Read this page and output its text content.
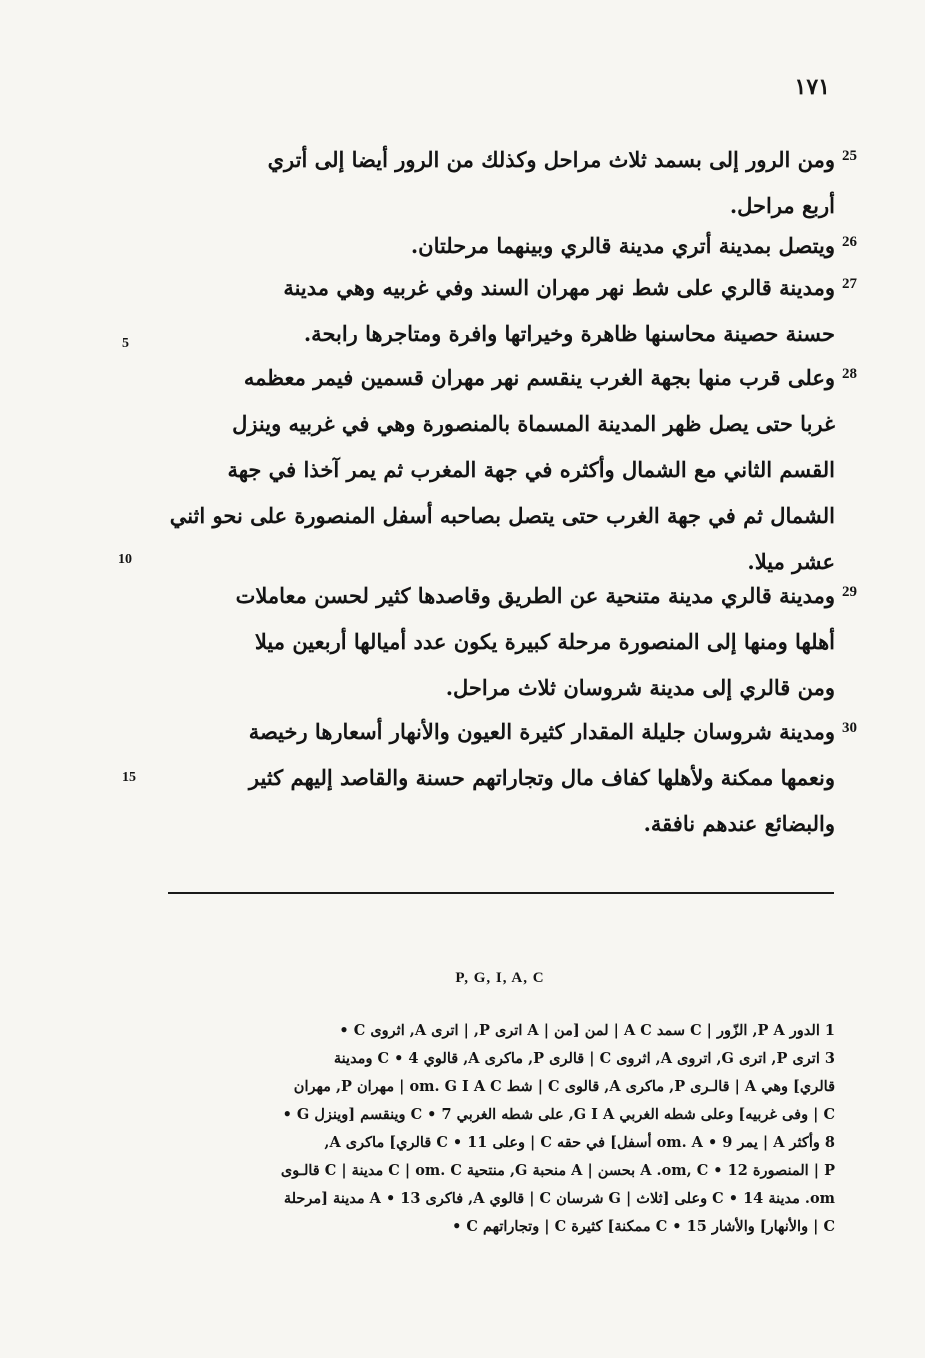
١٧١
25
ومن الرور إلى بسمد ثلاث مراحل وكذلك من الرور أيضا إلى أتري
أربع مراحل.
26
ويتصل بمدينة أتري مدينة قالري وبينهما مرحلتان.
27
ومدينة قالري على شط نهر مهران السند وفي غربيه وهي مدينة
حسنة حصينة محاسنها ظاهرة وخيراتها وافرة ومتاجرها رابحة.
28
وعلى قرب منها بجهة الغرب ينقسم نهر مهران قسمين فيمر معظمه
غربا حتى يصل ظهر المدينة المسماة بالمنصورة وهي في غربيه وينزل
القسم الثاني مع الشمال وأكثره في جهة المغرب ثم يمر آخذا في جهة
الشمال ثم في جهة الغرب حتى يتصل بصاحبه أسفل المنصورة على نحو اثني
عشر ميلا.
29
ومدينة قالري مدينة متنحية عن الطريق وقاصدها كثير لحسن معاملات
أهلها ومنها إلى المنصورة مرحلة كبيرة يكون عدد أميالها أربعين ميلا
ومن قالري إلى مدينة شروسان ثلاث مراحل.
30
ومدينة شروسان جليلة المقدار كثيرة العيون والأنهار أسعارها رخيصة
ونعمها ممكنة ولأهلها كفاف مال وتجاراتهم حسنة والقاصد إليهم كثير
والبضائع عندهم نافقة.
5
10
15
P, G, I, A, C
1 الدور P A, الزّور | C سمد A C | لمن [من | A اترى P, | اترى A, اثروى C •
3 اترى P, اترى G, اتروى A, اثروى C | قالرى P, ماكرى A, قالوي C • 4 ومدينة
قالري] وهي A | قالـرى P, ماكرى A, قالوى C | شط om. G I A C | مهران P, مهران
C | وفى غربيه] وعلى شطه الغربي G I A, على شطه الغربي C • 7 وينقسم [وينزل G •
8 وأكثر A | يمر om. A • 9 أسفل] في حقه C | وعلى C • 11 قالري] ماكرى A,
P | المنصورة 12 • A .om, C بحسن | A منحبة G, منتحية C | om. C مدينة | C قالـوى
om. مدينة 14 • C وعلى [ثلاث | G شرسان C | قالوي A, فاكرى 13 • A مدينة [مرحلة
C | والأنهار] والأشار C • 15 ممكنة] كثيرة C | وتجاراتهم C •
